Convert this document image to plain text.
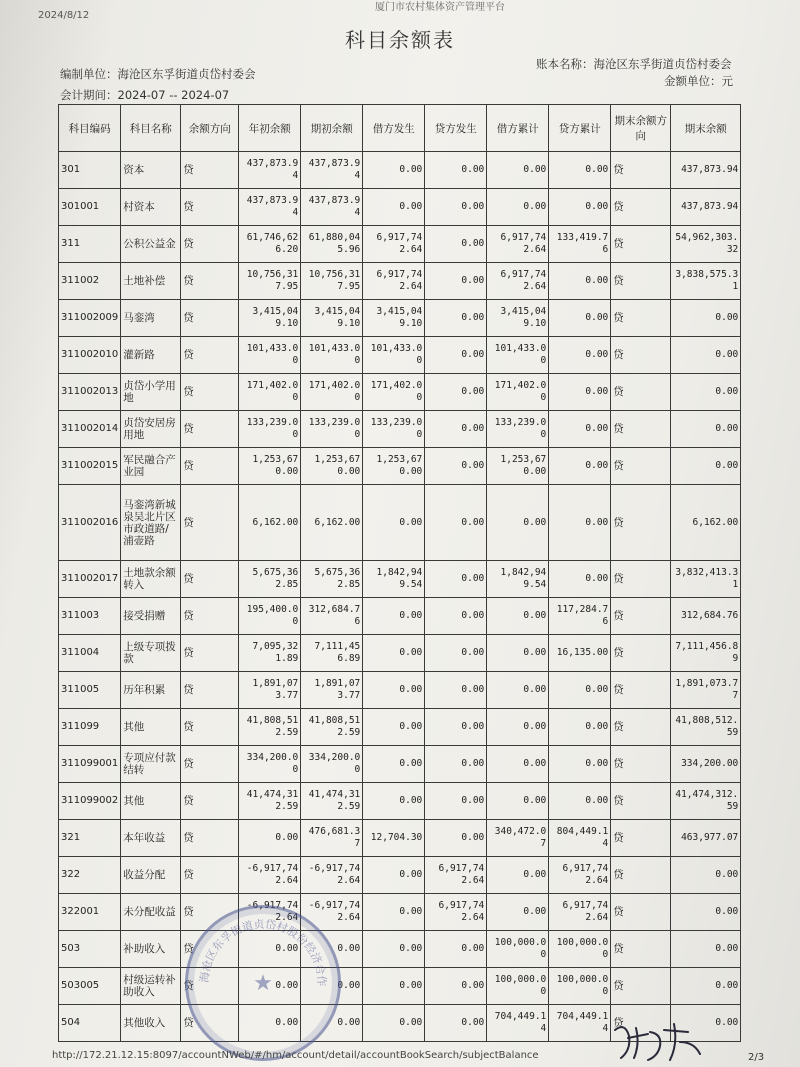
2024/8/12
厦门市农村集体资产管理平台
科目余额表
编制单位：海沧区东孚街道贞岱村委会
账本名称：海沧区东孚街道贞岱村委会
金额单位：元
会计期间：2024-07 -- 2024-07
科目编码	科目名称	余额方向	年初余额	期初余额	借方发生	贷方发生	借方累计	贷方累计	期末余额方向	期末余额
301	资本	贷	437,873.94	437,873.94	0.00	0.00	0.00	0.00	贷	437,873.94
301001	村资本	贷	437,873.94	437,873.94	0.00	0.00	0.00	0.00	贷	437,873.94
311	公积公益金	贷	61,746,626.20	61,880,045.96	6,917,742.64	0.00	6,917,742.64	133,419.76	贷	54,962,303.32
311002	土地补偿	贷	10,756,317.95	10,756,317.95	6,917,742.64	0.00	6,917,742.64	0.00	贷	3,838,575.31
311002009	马銮湾	贷	3,415,049.10	3,415,049.10	3,415,049.10	0.00	3,415,049.10	0.00	贷	0.00
311002010	灌新路	贷	101,433.00	101,433.00	101,433.00	0.00	101,433.00	0.00	贷	0.00
311002013	贞岱小学用地	贷	171,402.00	171,402.00	171,402.00	0.00	171,402.00	0.00	贷	0.00
311002014	贞岱安居房用地	贷	133,239.00	133,239.00	133,239.00	0.00	133,239.00	0.00	贷	0.00
311002015	军民融合产业园	贷	1,253,670.00	1,253,670.00	1,253,670.00	0.00	1,253,670.00	0.00	贷	0.00
311002016	马銮湾新城泉吴北片区市政道路/浦壶路	贷	6,162.00	6,162.00	0.00	0.00	0.00	0.00	贷	6,162.00
311002017	土地款余额转入	贷	5,675,362.85	5,675,362.85	1,842,949.54	0.00	1,842,949.54	0.00	贷	3,832,413.31
311003	接受捐赠	贷	195,400.00	312,684.76	0.00	0.00	0.00	117,284.76	贷	312,684.76
311004	上级专项拨款	贷	7,095,321.89	7,111,456.89	0.00	0.00	0.00	16,135.00	贷	7,111,456.89
311005	历年积累	贷	1,891,073.77	1,891,073.77	0.00	0.00	0.00	0.00	贷	1,891,073.77
311099	其他	贷	41,808,512.59	41,808,512.59	0.00	0.00	0.00	0.00	贷	41,808,512.59
311099001	专项应付款结转	贷	334,200.00	334,200.00	0.00	0.00	0.00	0.00	贷	334,200.00
311099002	其他	贷	41,474,312.59	41,474,312.59	0.00	0.00	0.00	0.00	贷	41,474,312.59
321	本年收益	贷	0.00	476,681.37	12,704.30	0.00	340,472.07	804,449.14	贷	463,977.07
322	收益分配	贷	-6,917,742.64	-6,917,742.64	0.00	6,917,742.64	0.00	6,917,742.64	贷	0.00
322001	未分配收益	贷	-6,917,742.64	-6,917,742.64	0.00	6,917,742.64	0.00	6,917,742.64	贷	0.00
503	补助收入	贷	0.00	0.00	0.00	0.00	100,000.00	100,000.00	贷	0.00
503005	村级运转补助收入	贷	0.00	0.00	0.00	0.00	100,000.00	100,000.00	贷	0.00
504	其他收入	贷	0.00	0.00	0.00	0.00	704,449.14	704,449.14	贷	0.00
海沧区东孚街道贞岱村股份经济合作
★
http://172.21.12.15:8097/accountNWeb/#/hm/account/detail/accountBookSearch/subjectBalance	2/3
